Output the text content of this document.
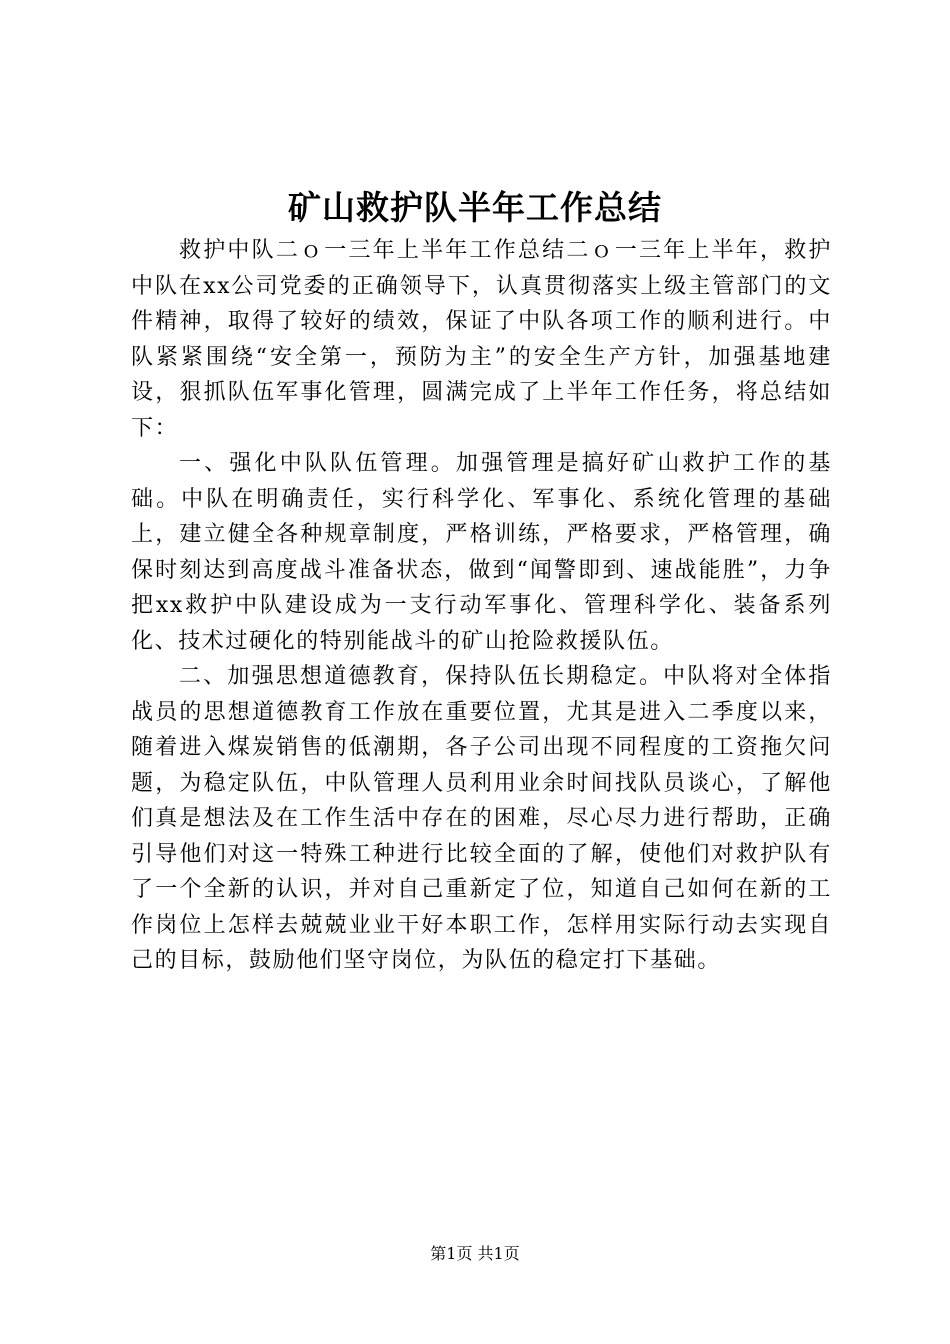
矿山救护队半年工作总结

救护中队二ｏ一三年上半年工作总结二ｏ一三年上半年，救护中队在xx公司党委的正确领导下，认真贯彻落实上级主管部门的文件精神，取得了较好的绩效，保证了中队各项工作的顺利进行。中队紧紧围绕“安全第一，预防为主”的安全生产方针，加强基地建设，狠抓队伍军事化管理，圆满完成了上半年工作任务，将总结如下：

一、强化中队队伍管理。加强管理是搞好矿山救护工作的基础。中队在明确责任，实行科学化、军事化、系统化管理的基础上，建立健全各种规章制度，严格训练，严格要求，严格管理，确保时刻达到高度战斗准备状态，做到“闻警即到、速战能胜”，力争把xx救护中队建设成为一支行动军事化、管理科学化、装备系列化、技术过硬化的特别能战斗的矿山抢险救援队伍。

二、加强思想道德教育，保持队伍长期稳定。中队将对全体指战员的思想道德教育工作放在重要位置，尤其是进入二季度以来，随着进入煤炭销售的低潮期，各子公司出现不同程度的工资拖欠问题，为稳定队伍，中队管理人员利用业余时间找队员谈心，了解他们真是想法及在工作生活中存在的困难，尽心尽力进行帮助，正确引导他们对这一特殊工种进行比较全面的了解，使他们对救护队有了一个全新的认识，并对自己重新定了位，知道自己如何在新的工作岗位上怎样去兢兢业业干好本职工作，怎样用实际行动去实现自己的目标，鼓励他们坚守岗位，为队伍的稳定打下基础。

第1页 共1页
